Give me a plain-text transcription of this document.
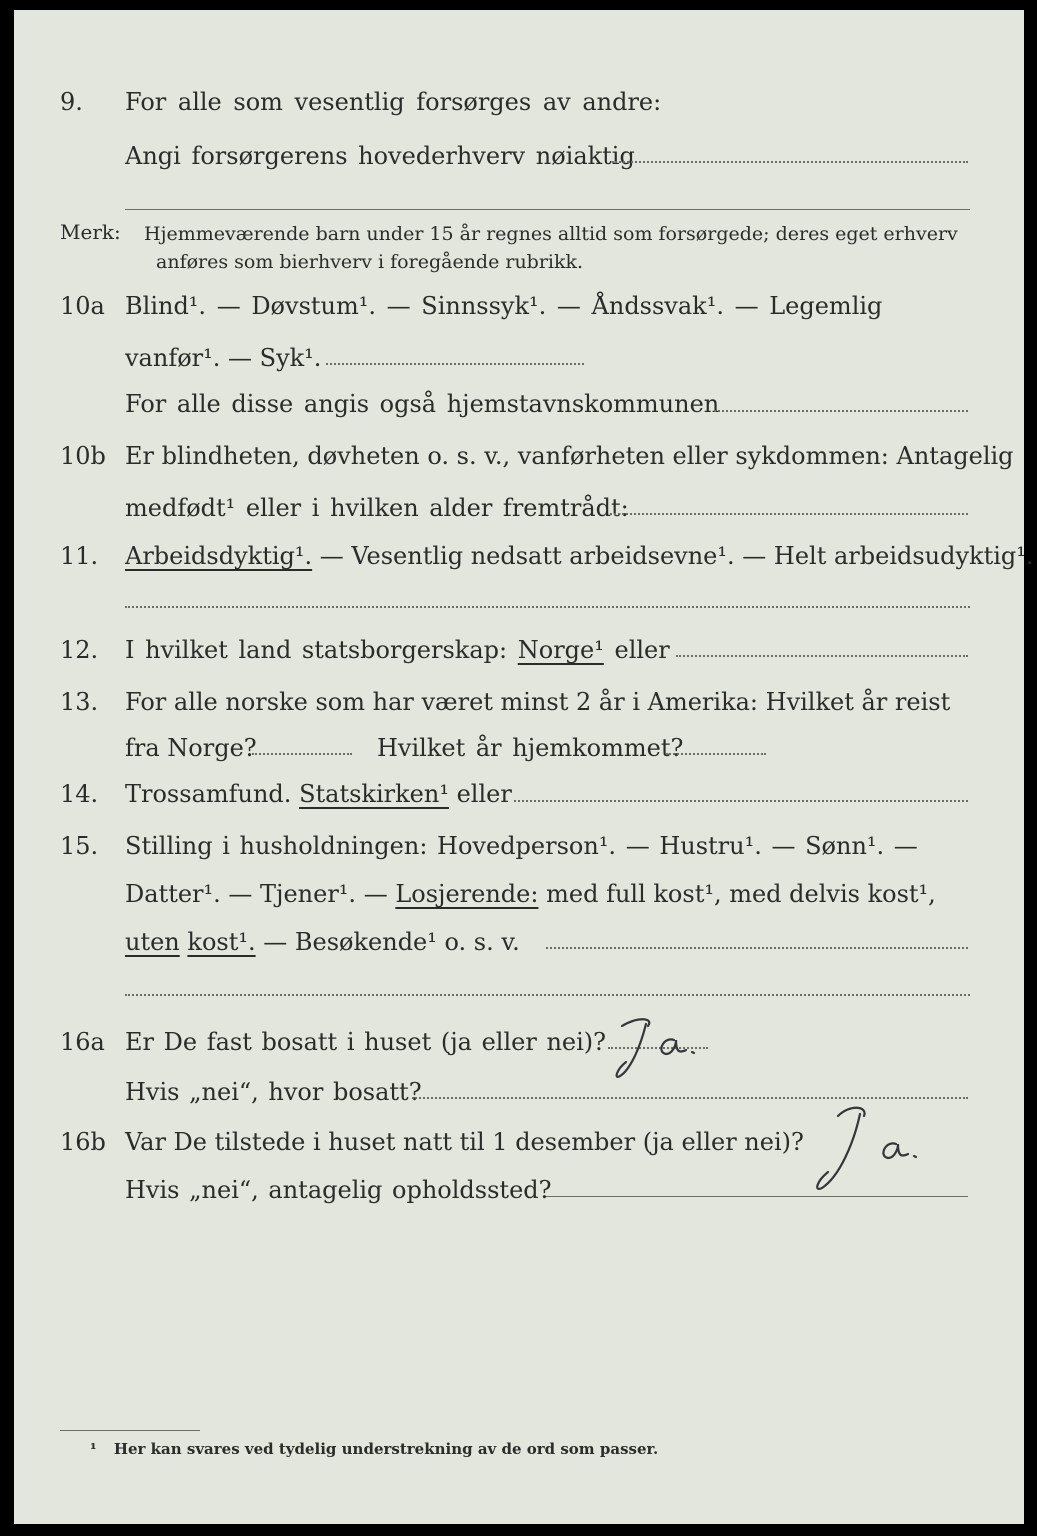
9. For alle som vesentlig forsørges av andre:
Angi forsørgerens hovederhverv nøiaktig
Merk: Hjemmeværende barn under 15 år regnes alltid som forsørgede; deres eget erhverv
anføres som bierhverv i foregående rubrikk.
10a Blind¹. — Døvstum¹. — Sinnssyk¹. — Åndssvak¹. — Legemlig
vanfør¹. — Syk¹.
For alle disse angis også hjemstavnskommunen
10b Er blindheten, døvheten o. s. v., vanførheten eller sykdommen: Antagelig
medfødt¹ eller i hvilken alder fremtrådt:
11. Arbeidsdyktig¹. — Vesentlig nedsatt arbeidsevne¹. — Helt arbeidsudyktig¹.
12. I hvilket land statsborgerskap: Norge¹ eller
13. For alle norske som har været minst 2 år i Amerika: Hvilket år reist
fra Norge?	Hvilket år hjemkommet?
14. Trossamfund. Statskirken¹ eller
15. Stilling i husholdningen: Hovedperson¹. — Hustru¹. — Sønn¹. —
Datter¹. — Tjener¹. — Losjerende: med full kost¹, med delvis kost¹,
uten kost¹. — Besøkende¹ o. s. v.
16a Er De fast bosatt i huset (ja eller nei)?
Hvis „nei“, hvor bosatt?
16b Var De tilstede i huset natt til 1 desember (ja eller nei)?
Hvis „nei“, antagelig opholdssted?
¹ Her kan svares ved tydelig understrekning av de ord som passer.
